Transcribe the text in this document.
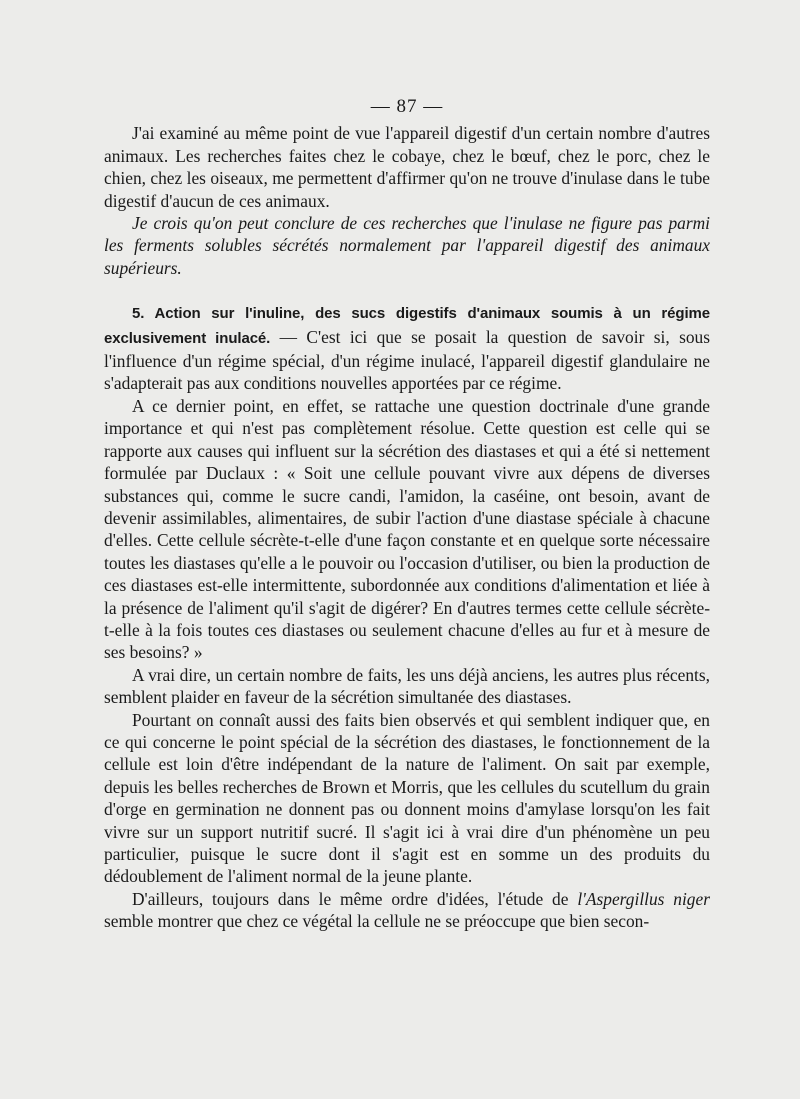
— 87 —

J'ai examiné au même point de vue l'appareil digestif d'un certain nombre d'autres animaux. Les recherches faites chez le cobaye, chez le bœuf, chez le porc, chez le chien, chez les oiseaux, me permettent d'affirmer qu'on ne trouve d'inulase dans le tube digestif d'aucun de ces animaux.

Je crois qu'on peut conclure de ces recherches que l'inulase ne figure pas parmi les ferments solubles sécrétés normalement par l'appareil digestif des animaux supérieurs.

5. Action sur l'inuline, des sucs digestifs d'animaux soumis à un régime exclusivement inulacé. — C'est ici que se posait la question de savoir si, sous l'influence d'un régime spécial, d'un régime inulacé, l'appareil digestif glandulaire ne s'adapterait pas aux conditions nouvelles apportées par ce régime.

A ce dernier point, en effet, se rattache une question doctrinale d'une grande importance et qui n'est pas complètement résolue. Cette question est celle qui se rapporte aux causes qui influent sur la sécrétion des diastases et qui a été si nettement formulée par Duclaux : « Soit une cellule pouvant vivre aux dépens de diverses substances qui, comme le sucre candi, l'amidon, la caséine, ont besoin, avant de devenir assimilables, alimentaires, de subir l'action d'une diastase spéciale à chacune d'elles. Cette cellule sécrète-t-elle d'une façon constante et en quelque sorte nécessaire toutes les diastases qu'elle a le pouvoir ou l'occasion d'utiliser, ou bien la production de ces diastases est-elle intermittente, subordonnée aux conditions d'alimentation et liée à la présence de l'aliment qu'il s'agit de digérer? En d'autres termes cette cellule sécrète-t-elle à la fois toutes ces diastases ou seulement chacune d'elles au fur et à mesure de ses besoins? »

A vrai dire, un certain nombre de faits, les uns déjà anciens, les autres plus récents, semblent plaider en faveur de la sécrétion simultanée des diastases.

Pourtant on connaît aussi des faits bien observés et qui semblent indiquer que, en ce qui concerne le point spécial de la sécrétion des diastases, le fonctionnement de la cellule est loin d'être indépendant de la nature de l'aliment. On sait par exemple, depuis les belles recherches de Brown et Morris, que les cellules du scutellum du grain d'orge en germination ne donnent pas ou donnent moins d'amylase lorsqu'on les fait vivre sur un support nutritif sucré. Il s'agit ici à vrai dire d'un phénomène un peu particulier, puisque le sucre dont il s'agit est en somme un des produits du dédoublement de l'aliment normal de la jeune plante.

D'ailleurs, toujours dans le même ordre d'idées, l'étude de l'Aspergillus niger semble montrer que chez ce végétal la cellule ne se préoccupe que bien secon-
